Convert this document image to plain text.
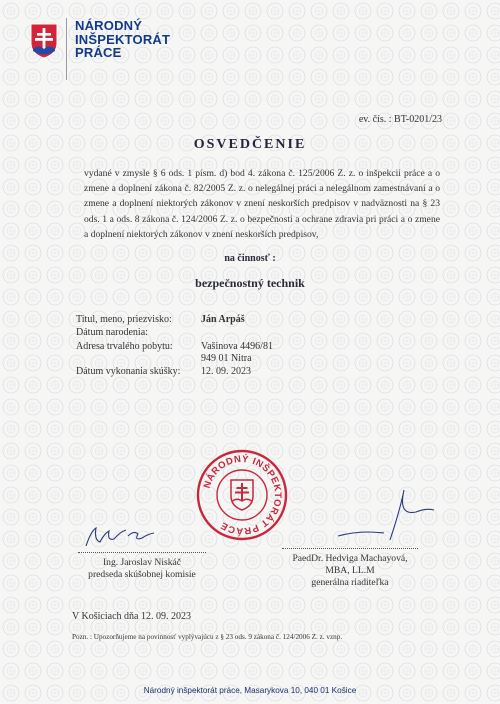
NÁRODNÝ
INŠPEKTORÁT
PRÁCE
ev. čís. : BT-0201/23
OSVEDČENIE
vydané v zmysle § 6 ods. 1 písm. d) bod 4. zákona č. 125/2006 Z. z. o inšpekcii práce a o zmene a doplnení zákona č. 82/2005 Z. z. o nelegálnej práci a nelegálnom zamestnávaní a o zmene a doplnení niektorých zákonov v znení neskorších predpisov v nadväznosti na § 23 ods. 1 a ods. 8 zákona č. 124/2006 Z. z. o bezpečnosti a ochrane zdravia pri práci a o zmene a doplnení niektorých zákonov v znení neskorších predpisov,
na činnosť :
bezpečnostný technik
Titul, meno, priezvisko:	Ján Arpáš
Dátum narodenia:
Adresa trvalého pobytu:	Vašinova 4496/81
949 01 Nitra
Dátum vykonania skúšky: 12. 09. 2023
NÁRODNÝ INŠPEKTORÁT PRÁCE
Ing. Jaroslav Niskáč
predseda skúšobnej komisie
PaedDr. Hedviga Machayová,
MBA, LL.M
generálna riaditeľka
V Košiciach dňa 12. 09. 2023
Pozn. : Upozorňujeme na povinnosť vyplývajúcu z § 23 ods. 9 zákona č. 124/2006 Z. z. vznp.
Národný inšpektorát práce, Masarykova 10, 040 01 Košice
